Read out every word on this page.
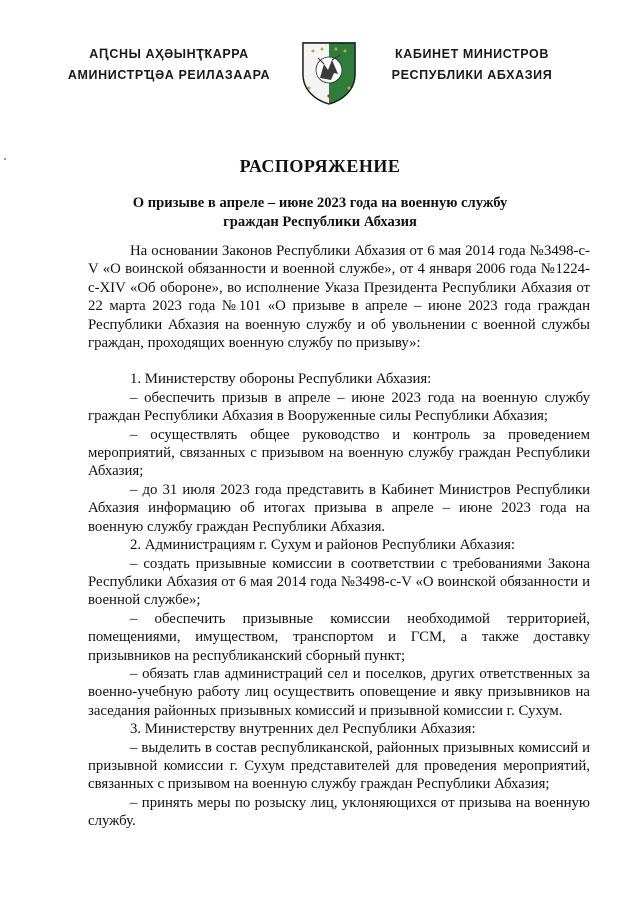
АԤСНЫ АҲӘЫНҬҞАРРА
АМИНИСТРҴӘА РЕИЛАЗААРА
КАБИНЕТ МИНИСТРОВ
РЕСПУБЛИКИ АБХАЗИЯ
РАСПОРЯЖЕНИЕ
О призыве в апреле – июне 2023 года на военную службу
граждан Республики Абхазия

На основании Законов Республики Абхазия от 6 мая 2014 года №3498-с-V «О воинской обязанности и военной службе», от 4 января 2006 года №1224-с-XIV «Об обороне», во исполнение Указа Президента Республики Абхазия от 22 марта 2023 года №101 «О призыве в апреле – июне 2023 года граждан Республики Абхазия на военную службу и об увольнении с военной службы граждан, проходящих военную службу по призыву»:

1. Министерству обороны Республики Абхазия:

– обеспечить призыв в апреле – июне 2023 года на военную службу граждан Республики Абхазия в Вооруженные силы Республики Абхазия;

– осуществлять общее руководство и контроль за проведением мероприятий, связанных с призывом на военную службу граждан Республики Абхазия;

– до 31 июля 2023 года представить в Кабинет Министров Республики Абхазия информацию об итогах призыва в апреле – июне 2023 года на военную службу граждан Республики Абхазия.

2. Администрациям г. Сухум и районов Республики Абхазия:

– создать призывные комиссии в соответствии с требованиями Закона Республики Абхазия от 6 мая 2014 года №3498-с-V «О воинской обязанности и военной службе»;

– обеспечить призывные комиссии необходимой территорией, помещениями, имуществом, транспортом и ГСМ, а также доставку призывников на республиканский сборный пункт;

– обязать глав администраций сел и поселков, других ответственных за военно-учебную работу лиц осуществить оповещение и явку призывников на заседания районных призывных комиссий и призывной комиссии г. Сухум.

3. Министерству внутренних дел Республики Абхазия:

– выделить в состав республиканской, районных призывных комиссий и призывной комиссии г. Сухум представителей для проведения мероприятий, связанных с призывом на военную службу граждан Республики Абхазия;

– принять меры по розыску лиц, уклоняющихся от призыва на военную службу.
